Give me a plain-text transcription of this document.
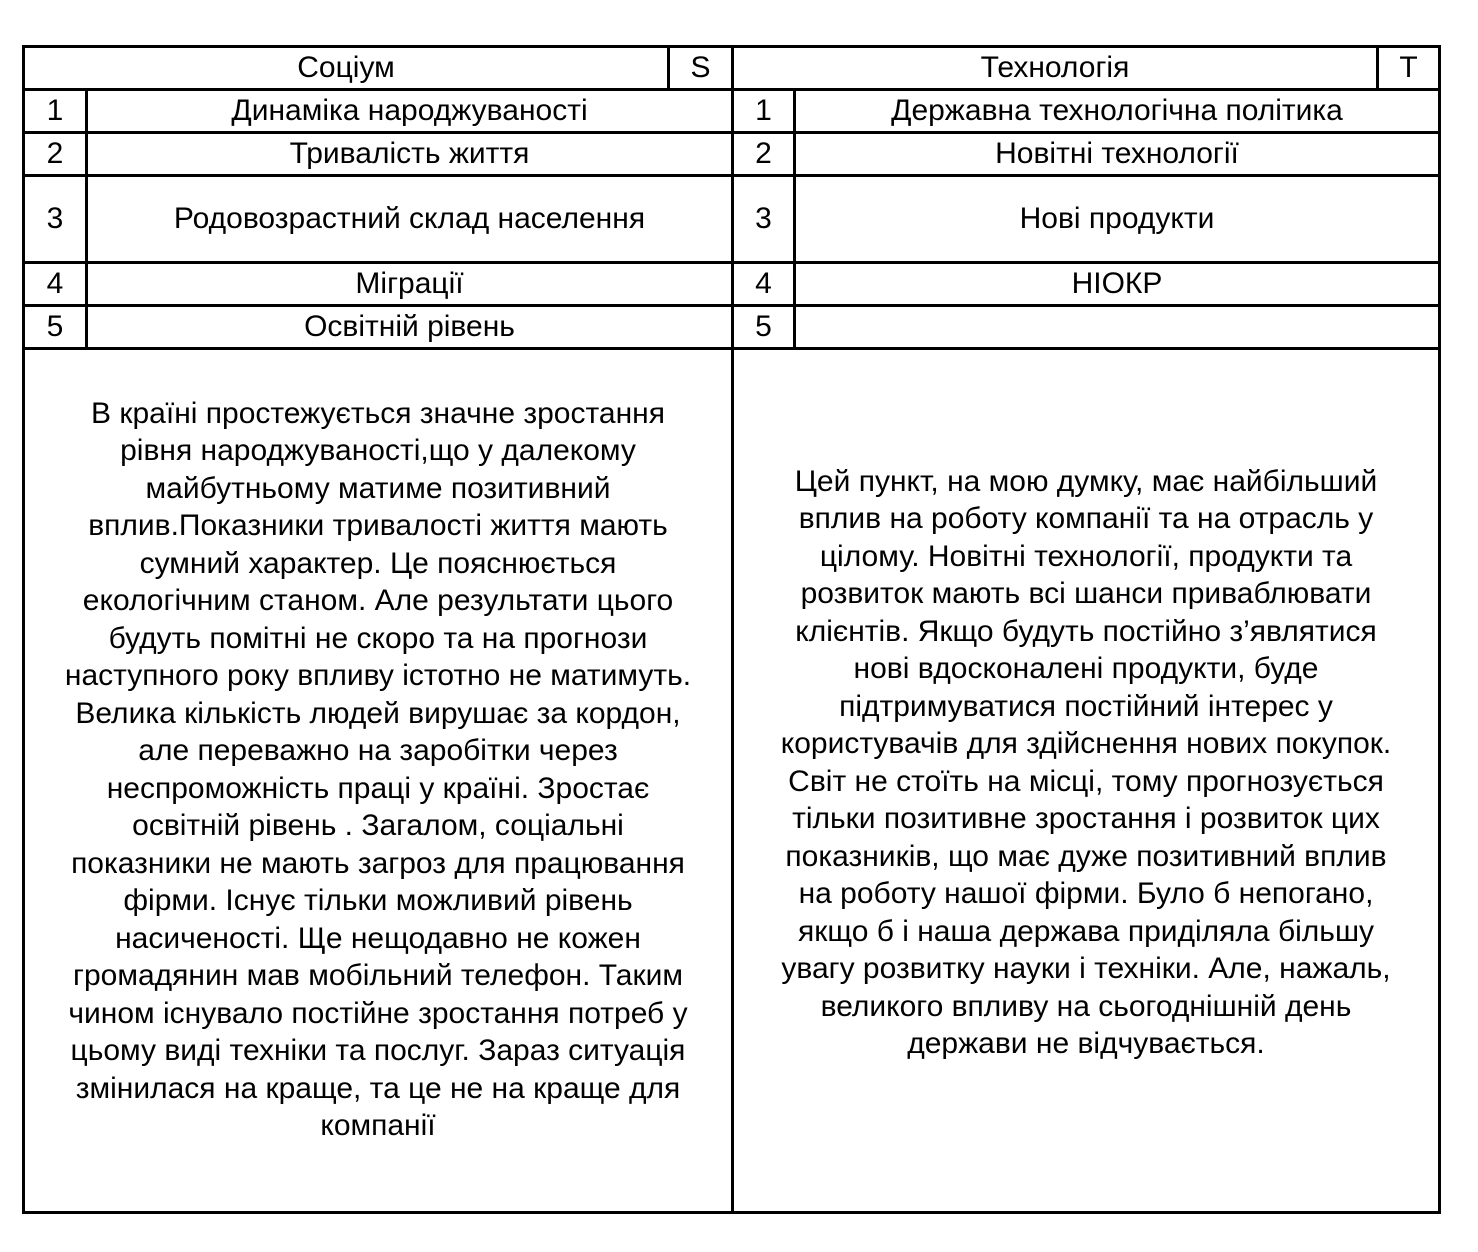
Соціум	S	Технологія	T
1	Динаміка народжуваності	1	Державна технологічна політика
2	Тривалість життя	2	Новітні технології
3	Родовозрастний склад населення	3	Нові продукти
4	Міграції	4	НІОКР
5	Освітній рівень	5
В країні простежується значне зростання
рівня народжуваності,що у далекому
майбутньому матиме позитивний
вплив.Показники тривалості життя мають
сумний характер. Це пояснюється
екологічним станом. Але результати цього
будуть помітні не скоро та на прогнози
наступного року впливу істотно не матимуть.
Велика кількість людей вирушає за кордон,
але переважно на заробітки через
неспроможність праці у країні. Зростає
освітній рівень . Загалом, соціальні
показники не мають загроз для працювання
фірми. Існує тільки можливий рівень
насиченості. Ще нещодавно не кожен
громадянин мав мобільний телефон. Таким
чином існувало постійне зростання потреб у
цьому виді техніки та послуг. Зараз ситуація
змінилася на краще, та це не на краще для
компанії
Цей пункт, на мою думку, має найбільший
вплив на роботу компанії та на отрасль у
цілому. Новітні технології, продукти та
розвиток мають всі шанси приваблювати
клієнтів. Якщо будуть постійно з’являтися
нові вдосконалені продукти, буде
підтримуватися постійний інтерес у
користувачів для здійснення нових покупок.
Світ не стоїть на місці, тому прогнозується
тільки позитивне зростання і розвиток цих
показників, що має дуже позитивний вплив
на роботу нашої фірми. Було б непогано,
якщо б і наша держава приділяла більшу
увагу розвитку науки і техніки. Але, нажаль,
великого впливу на сьогоднішній день
держави не відчувається.
